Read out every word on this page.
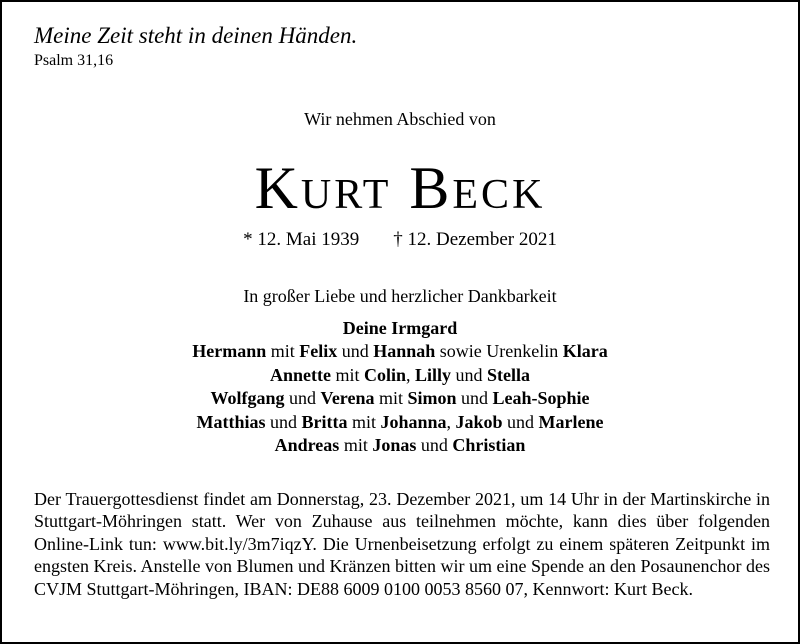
Meine Zeit steht in deinen Händen.
Psalm 31,16
Wir nehmen Abschied von
Kurt Beck
* 12. Mai 1939 † 12. Dezember 2021
In großer Liebe und herzlicher Dankbarkeit
Deine Irmgard
Hermann mit Felix und Hannah sowie Urenkelin Klara
Annette mit Colin, Lilly und Stella
Wolfgang und Verena mit Simon und Leah-Sophie
Matthias und Britta mit Johanna, Jakob und Marlene
Andreas mit Jonas und Christian
Der Trauergottesdienst findet am Donnerstag, 23. Dezember 2021, um 14 Uhr in der Martinskirche in Stuttgart-Möhringen statt. Wer von Zuhause aus teilnehmen möchte, kann dies über folgenden Online-Link tun: www.bit.ly/3m7iqzY. Die Urnenbeisetzung erfolgt zu einem späteren Zeitpunkt im engsten Kreis. Anstelle von Blumen und Kränzen bitten wir um eine Spende an den Posaunenchor des CVJM Stuttgart-Möhringen, IBAN: DE88 6009 0100 0053 8560 07, Kennwort: Kurt Beck.
